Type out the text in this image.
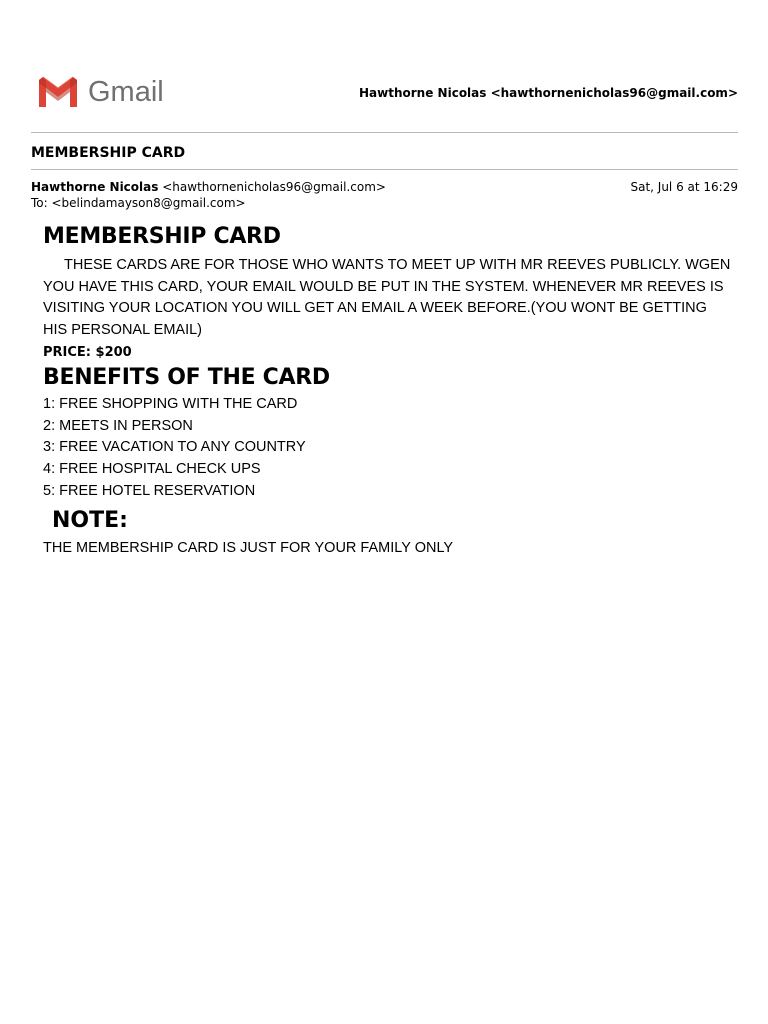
Gmail	Hawthorne Nicolas <hawthornenicholas96@gmail.com>
MEMBERSHIP CARD
Hawthorne Nicolas <hawthornenicholas96@gmail.com>
To: <belindamayson8@gmail.com>
Sat, Jul 6 at 16:29
MEMBERSHIP CARD

THESE CARDS ARE FOR THOSE WHO WANTS TO MEET UP WITH MR REEVES PUBLICLY. WGEN YOU HAVE THIS CARD, YOUR EMAIL WOULD BE PUT IN THE SYSTEM. WHENEVER MR REEVES IS VISITING YOUR LOCATION YOU WILL GET AN EMAIL A WEEK BEFORE.(YOU WONT BE GETTING HIS PERSONAL EMAIL)

PRICE: $200

BENEFITS OF THE CARD
1: FREE SHOPPING WITH THE CARD
2: MEETS IN PERSON
3: FREE VACATION TO ANY COUNTRY
4: FREE HOSPITAL CHECK UPS
5: FREE HOTEL RESERVATION
NOTE:

THE MEMBERSHIP CARD IS JUST FOR YOUR FAMILY ONLY
